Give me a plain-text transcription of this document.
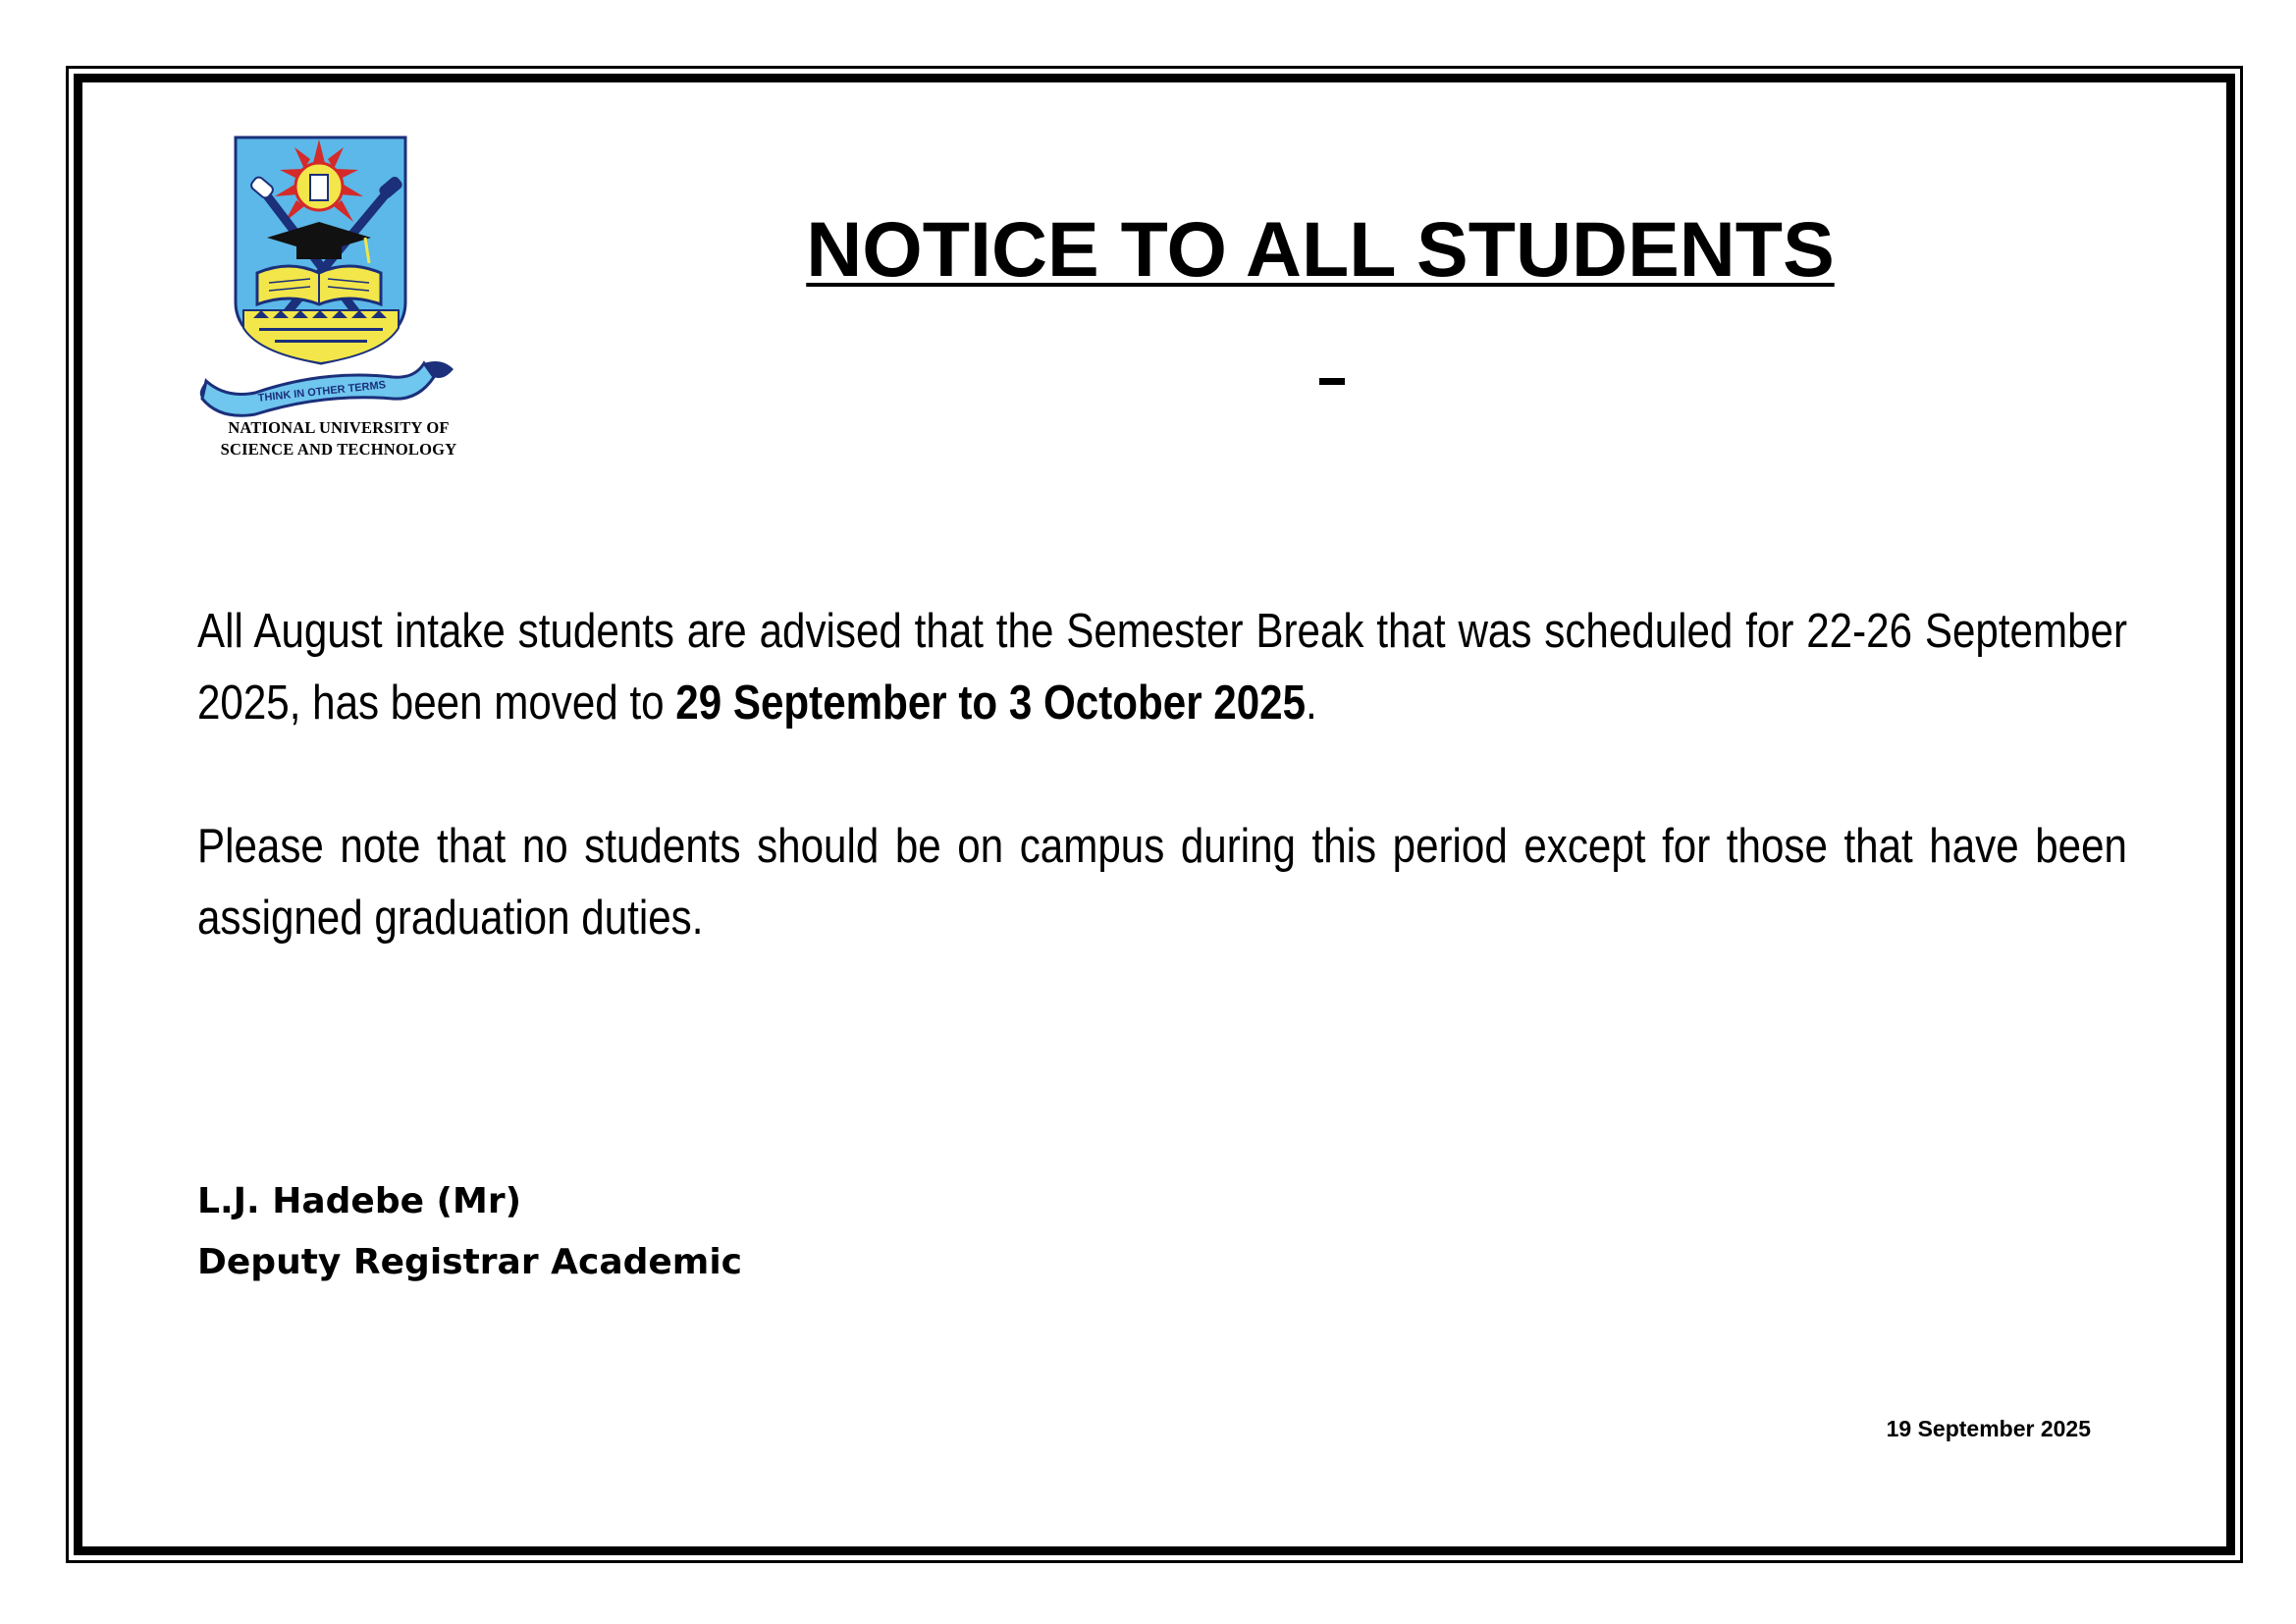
THINK IN OTHER TERMS
NATIONAL UNIVERSITY OF
SCIENCE AND TECHNOLOGY
NOTICE TO ALL STUDENTS
All August intake students are advised that the Semester Break that was scheduled for 22-26 September 2025, has been moved to 29 September to 3 October 2025.
Please note that no students should be on campus during this period except for those that have been assigned graduation duties.
L.J. Hadebe (Mr)
Deputy Registrar Academic
19 September 2025
